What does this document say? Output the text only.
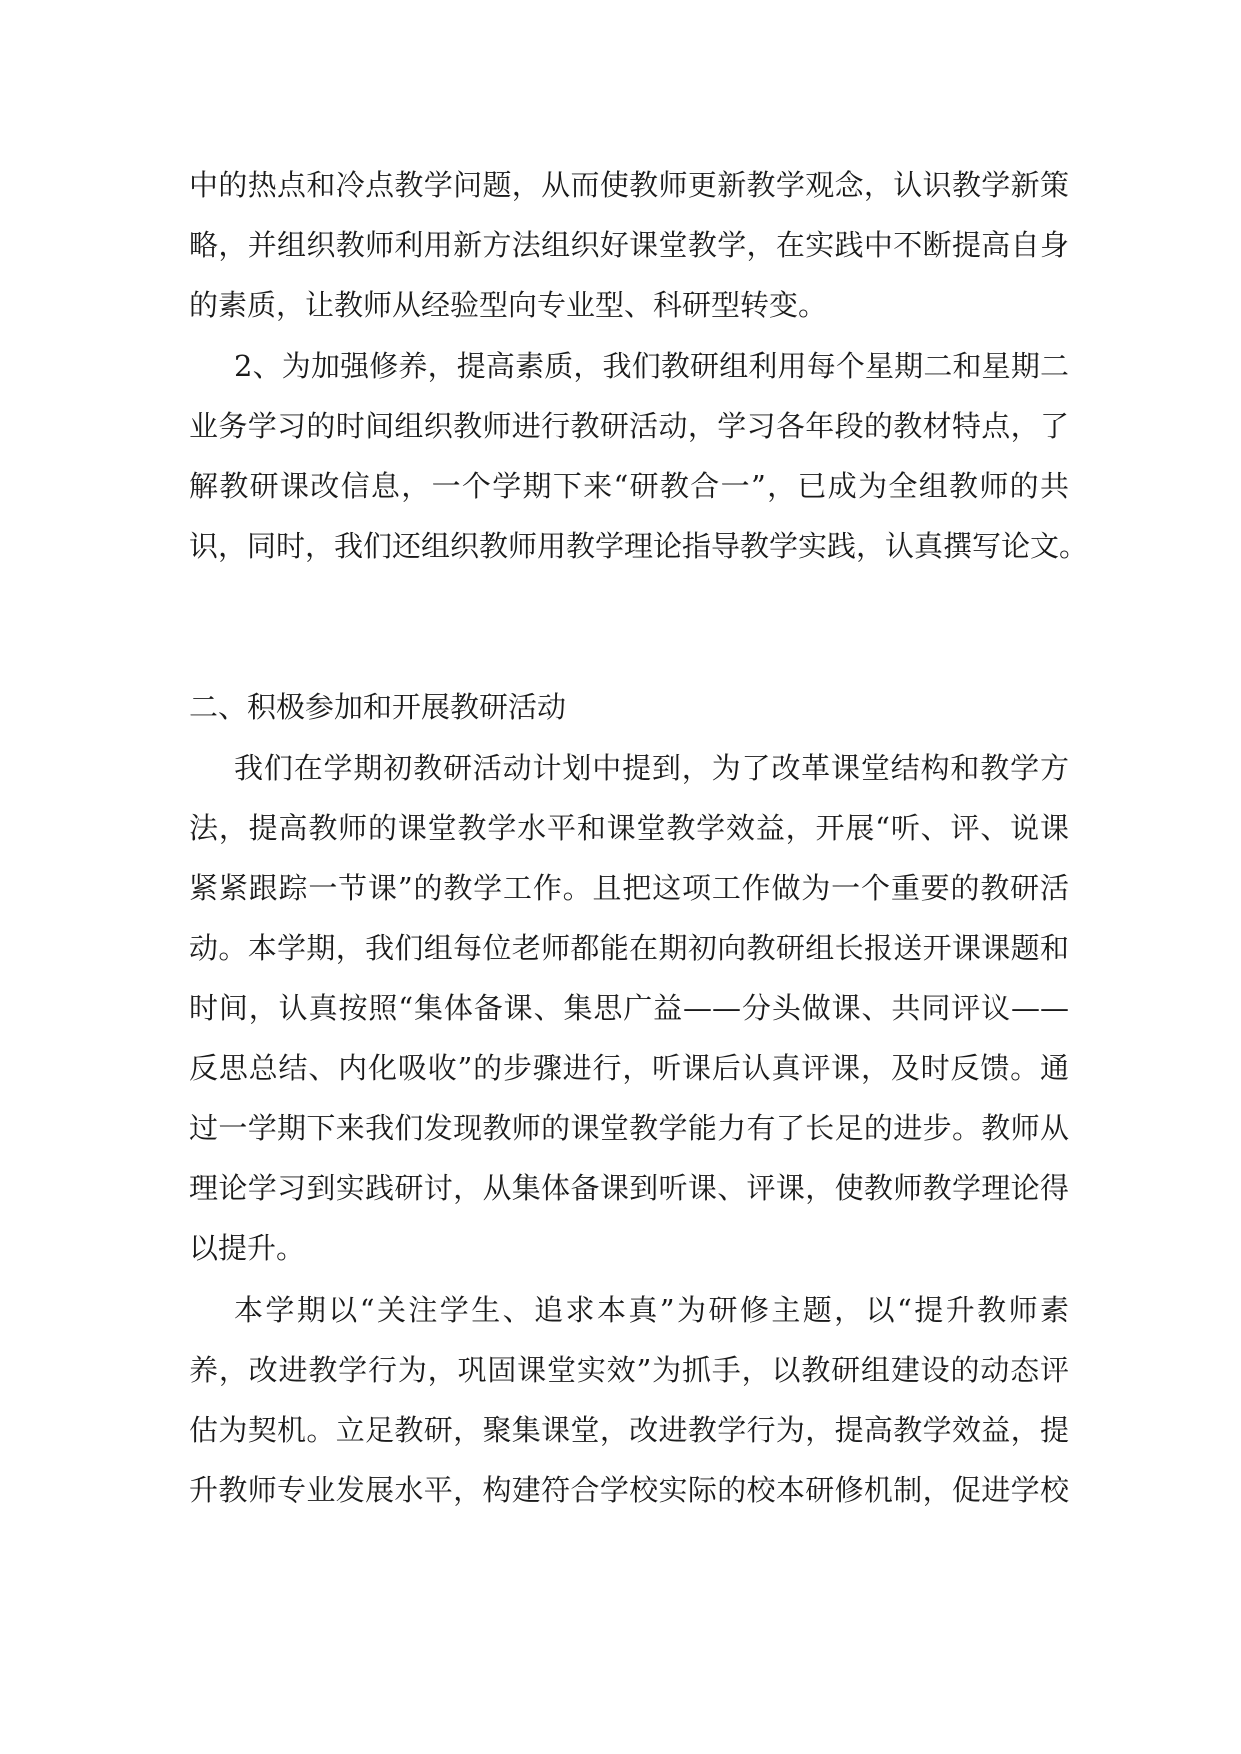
中的热点和冷点教学问题，从而使教师更新教学观念，认识教学新策
略，并组织教师利用新方法组织好课堂教学，在实践中不断提高自身
的素质，让教师从经验型向专业型、科研型转变。
2、为加强修养，提高素质，我们教研组利用每个星期二和星期二
业务学习的时间组织教师进行教研活动，学习各年段的教材特点，了
解教研课改信息，一个学期下来“研教合一”，已成为全组教师的共
识，同时，我们还组织教师用教学理论指导教学实践，认真撰写论文。
二、积极参加和开展教研活动
我们在学期初教研活动计划中提到，为了改革课堂结构和教学方
法，提高教师的课堂教学水平和课堂教学效益，开展“听、评、说课
紧紧跟踪一节课”的教学工作。且把这项工作做为一个重要的教研活
动。本学期，我们组每位老师都能在期初向教研组长报送开课课题和
时间，认真按照“集体备课、集思广益——分头做课、共同评议——
反思总结、内化吸收”的步骤进行，听课后认真评课，及时反馈。通
过一学期下来我们发现教师的课堂教学能力有了长足的进步。教师从
理论学习到实践研讨，从集体备课到听课、评课，使教师教学理论得
以提升。
本学期以“关注学生、追求本真”为研修主题，以“提升教师素
养，改进教学行为，巩固课堂实效”为抓手，以教研组建设的动态评
估为契机。立足教研，聚集课堂，改进教学行为，提高教学效益，提
升教师专业发展水平，构建符合学校实际的校本研修机制，促进学校
